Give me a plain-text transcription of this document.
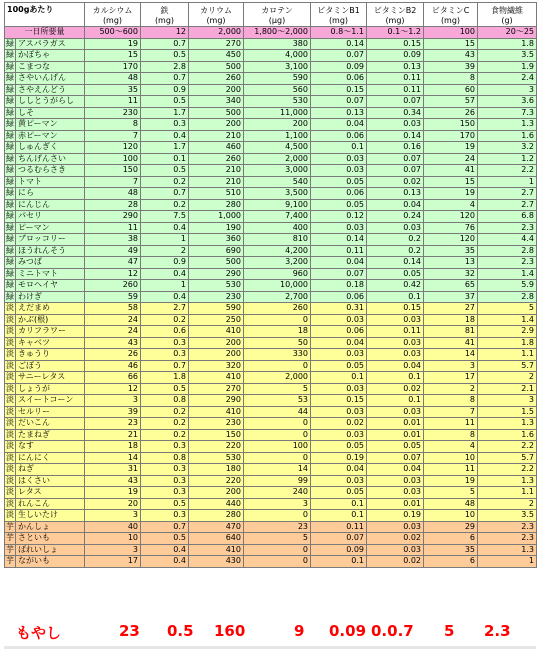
100gあたり		カルシウム	鉄	カリウム	カロテン	ビタミンB1	ビタミンB2	ビタミンC	食物繊維
		(mg)	(mg)	(mg)	(μg)	(mg)	(mg)	(mg)	(g)
一日所要量		500〜600	12	2,000	1,800〜2,000	0.8〜1.1	0.1〜1.2	100	20〜25
緑	アスパラガス	19	0.7	270	380	0.14	0.15	15	1.8
緑	かぼちゃ	15	0.5	450	4,000	0.07	0.09	43	3.5
緑	こまつな	170	2.8	500	3,100	0.09	0.13	39	1.9
緑	さやいんげん	48	0.7	260	590	0.06	0.11	8	2.4
緑	さやえんどう	35	0.9	200	560	0.15	0.11	60	3
緑	ししとうがらし	11	0.5	340	530	0.07	0.07	57	3.6
緑	しそ	230	1.7	500	11,000	0.13	0.34	26	7.3
緑	黄ピーマン	8	0.3	200	200	0.04	0.03	150	1.3
緑	赤ピーマン	7	0.4	210	1,100	0.06	0.14	170	1.6
緑	しゅんぎく	120	1.7	460	4,500	0.1	0.16	19	3.2
緑	ちんげんさい	100	0.1	260	2,000	0.03	0.07	24	1.2
緑	つるむらさき	150	0.5	210	3,000	0.03	0.07	41	2.2
緑	トマト	7	0.2	210	540	0.05	0.02	15	1
緑	にら	48	0.7	510	3,500	0.06	0.13	19	2.7
緑	にんじん	28	0.2	280	9,100	0.05	0.04	4	2.7
緑	パセリ	290	7.5	1,000	7,400	0.12	0.24	120	6.8
緑	ピーマン	11	0.4	190	400	0.03	0.03	76	2.3
緑	ブロッコリー	38	1	360	810	0.14	0.2	120	4.4
緑	ほうれんそう	49	2	690	4,200	0.11	0.2	35	2.8
緑	みつば	47	0.9	500	3,200	0.04	0.14	13	2.3
緑	ミニトマト	12	0.4	290	960	0.07	0.05	32	1.4
緑	モロヘイヤ	260	1	530	10,000	0.18	0.42	65	5.9
緑	わけぎ	59	0.4	230	2,700	0.06	0.1	37	2.8
淡	えだまめ	58	2.7	590	260	0.31	0.15	27	5
淡	かぶ(根)	24	0.2	250	0	0.03	0.03	18	1.4
淡	カリフラワー	24	0.6	410	18	0.06	0.11	81	2.9
淡	キャベツ	43	0.3	200	50	0.04	0.03	41	1.8
淡	きゅうり	26	0.3	200	330	0.03	0.03	14	1.1
淡	ごぼう	46	0.7	320	0	0.05	0.04	3	5.7
淡	サニーレタス	66	1.8	410	2,000	0.1	0.1	17	2
淡	しょうが	12	0.5	270	5	0.03	0.02	2	2.1
淡	スイートコーン	3	0.8	290	53	0.15	0.1	8	3
淡	セルリー	39	0.2	410	44	0.03	0.03	7	1.5
淡	だいこん	23	0.2	230	0	0.02	0.01	11	1.3
淡	たまねぎ	21	0.2	150	0	0.03	0.01	8	1.6
淡	なす	18	0.3	220	100	0.05	0.05	4	2.2
淡	にんにく	14	0.8	530	0	0.19	0.07	10	5.7
淡	ねぎ	31	0.3	180	14	0.04	0.04	11	2.2
淡	はくさい	43	0.3	220	99	0.03	0.03	19	1.3
淡	レタス	19	0.3	200	240	0.05	0.03	5	1.1
淡	れんこん	20	0.5	440	3	0.1	0.01	48	2
淡	生しいたけ	3	0.3	280	0	0.1	0.19	10	3.5
芋	かんしょ	40	0.7	470	23	0.11	0.03	29	2.3
芋	さといも	10	0.5	640	5	0.07	0.02	6	2.3
芋	ばれいしょ	3	0.4	410	0	0.09	0.03	35	1.3
芋	ながいも	17	0.4	430	0	0.1	0.02	6	1
もやし	23 0.5 160	9 0.09 0.0.7 5 2.3
